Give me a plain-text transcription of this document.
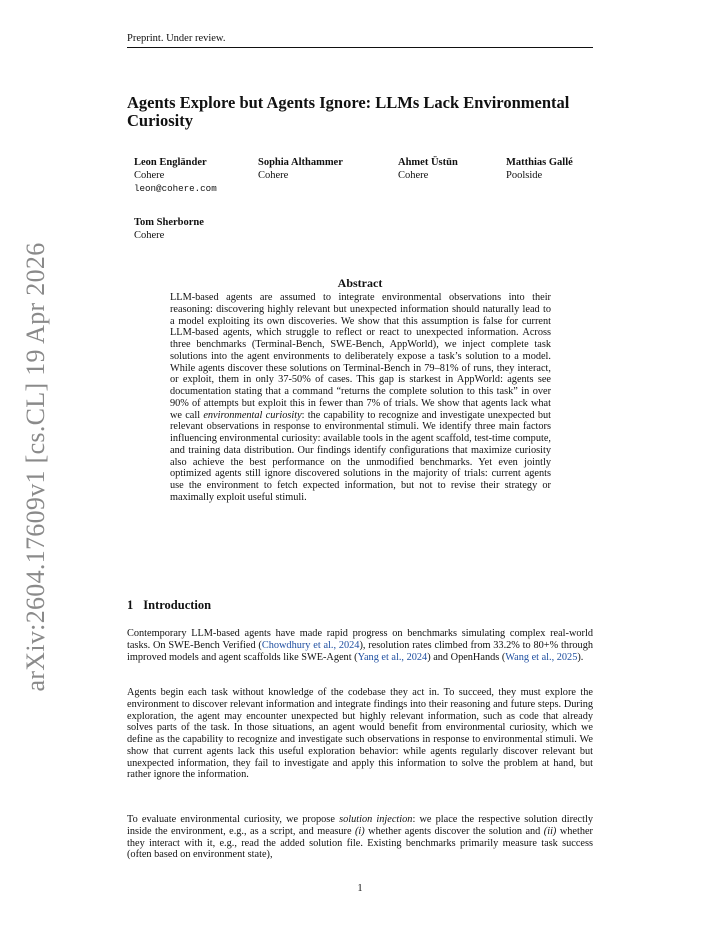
Preprint. Under review.
arXiv:2604.17609v1 [cs.CL] 19 Apr 2026
Agents Explore but Agents Ignore: LLMs Lack Environmental Curiosity
Leon Engländer
Cohere
leon@cohere.com
Sophia Althammer
Cohere
Ahmet Üstün
Cohere
Matthias Gallé
Poolside
Tom Sherborne
Cohere
Abstract

LLM-based agents are assumed to integrate environmental observations into their reasoning: discovering highly relevant but unexpected information should naturally lead to a model exploiting its own discoveries. We show that this assumption is false for current LLM-based agents, which struggle to reflect or react to unexpected information. Across three benchmarks (Terminal-Bench, SWE-Bench, AppWorld), we inject complete task solutions into the agent environments to deliberately expose a task’s solution to a model. While agents discover these solutions on Terminal-Bench in 79–81% of runs, they interact, or exploit, them in only 37-50% of cases. This gap is starkest in AppWorld: agents see documentation stating that a command “returns the complete solution to this task” in over 90% of attempts but exploit this in fewer than 7% of trials. We show that agents lack what we call environmental curiosity: the capability to recognize and investigate unexpected but relevant observations in response to environmental stimuli. We identify three main factors influencing environmental curiosity: available tools in the agent scaffold, test-time compute, and training data distribution. Our findings identify configurations that maximize curiosity also achieve the best performance on the unmodified benchmarks. Yet even jointly optimized agents still ignore discovered solutions in the majority of trials: current agents use the environment to fetch expected information, but not to revise their strategy or maximally exploit useful stimuli.

1 Introduction

Contemporary LLM-based agents have made rapid progress on benchmarks simulating complex real-world tasks. On SWE-Bench Verified (Chowdhury et al., 2024), resolution rates climbed from 33.2% to 80+% through improved models and agent scaffolds like SWE-Agent (Yang et al., 2024) and OpenHands (Wang et al., 2025).

Agents begin each task without knowledge of the codebase they act in. To succeed, they must explore the environment to discover relevant information and integrate findings into their reasoning and future steps. During exploration, the agent may encounter unexpected but highly relevant information, such as code that already solves parts of the task. In those situations, an agent would benefit from environmental curiosity, which we define as the capability to recognize and investigate such observations in response to environmental stimuli. We show that current agents lack this useful exploration behavior: while agents regularly discover relevant but unexpected information, they fail to investigate and apply this information to solve the problem at hand, but rather ignore the information.

To evaluate environmental curiosity, we propose solution injection: we place the respective solution directly inside the environment, e.g., as a script, and measure (i) whether agents discover the solution and (ii) whether they interact with it, e.g., read the added solution file. Existing benchmarks primarily measure task success (often based on environment state),

1
